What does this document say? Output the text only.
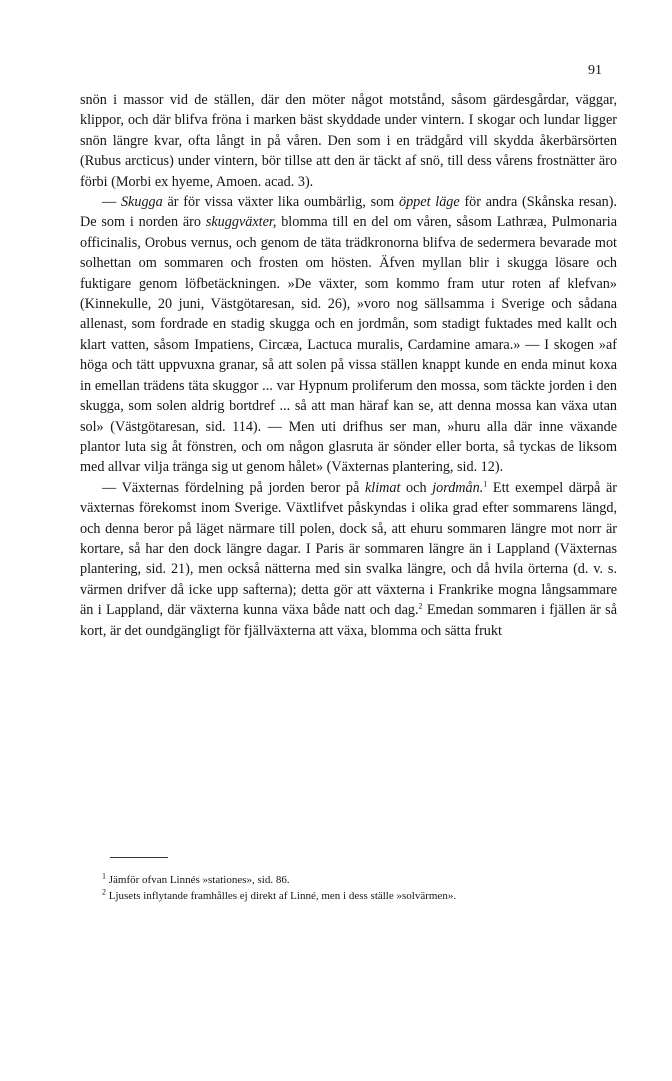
91

snön i massor vid de ställen, där den möter något motstånd, såsom gärdesgårdar, väggar, klippor, och där blifva fröna i marken bäst skyddade under vintern. I skogar och lundar ligger snön längre kvar, ofta långt in på våren. Den som i en trädgård vill skydda åkerbärsörten (Rubus arcticus) under vintern, bör tillse att den är täckt af snö, till dess vårens frostnätter äro förbi (Morbi ex hyeme, Amoen. acad. 3).

— Skugga är för vissa växter lika oumbärlig, som öppet läge för andra (Skånska resan). De som i norden äro skuggväxter, blomma till en del om våren, såsom Lathræa, Pulmonaria officinalis, Orobus vernus, och genom de täta trädkronorna blifva de sedermera bevarade mot solhettan om sommaren och frosten om hösten. Äfven myllan blir i skugga lösare och fuktigare genom löfbetäckningen. »De växter, som kommo fram utur roten af klefvan» (Kinnekulle, 20 juni, Västgötaresan, sid. 26), »voro nog sällsamma i Sverige och sådana allenast, som fordrade en stadig skugga och en jordmån, som stadigt fuktades med kallt och klart vatten, såsom Impatiens, Circæa, Lactuca muralis, Cardamine amara.» — I skogen »af höga och tätt uppvuxna granar, så att solen på vissa ställen knappt kunde en enda minut koxa in emellan trädens täta skuggor ... var Hypnum proliferum den mossa, som täckte jorden i den skugga, som solen aldrig bortdref ... så att man häraf kan se, att denna mossa kan växa utan sol» (Västgötaresan, sid. 114). — Men uti drifhus ser man, »huru alla där inne växande plantor luta sig åt fönstren, och om någon glasruta är sönder eller borta, så tyckas de liksom med allvar vilja tränga sig ut genom hålet» (Växternas plantering, sid. 12).

— Växternas fördelning på jorden beror på klimat och jordmån.$^1$ Ett exempel därpå är växternas förekomst inom Sverige. Växtlifvet påskyndas i olika grad efter sommarens längd, och denna beror på läget närmare till polen, dock så, att ehuru sommaren längre mot norr är kortare, så har den dock längre dagar. I Paris är sommaren längre än i Lappland (Växternas plantering, sid. 21), men också nätterna med sin svalka längre, och då hvila örterna (d. v. s. värmen drifver då icke upp safterna); detta gör att växterna i Frankrike mogna långsammare än i Lappland, där växterna kunna växa både natt och dag.$^2$ Emedan sommaren i fjällen är så kort, är det oundgängligt för fjällväxterna att växa, blomma och sätta frukt

$^1$ Jämför ofvan Linnés »stationes», sid. 86.

$^2$ Ljusets inflytande framhålles ej direkt af Linné, men i dess ställe »solvärmen».
